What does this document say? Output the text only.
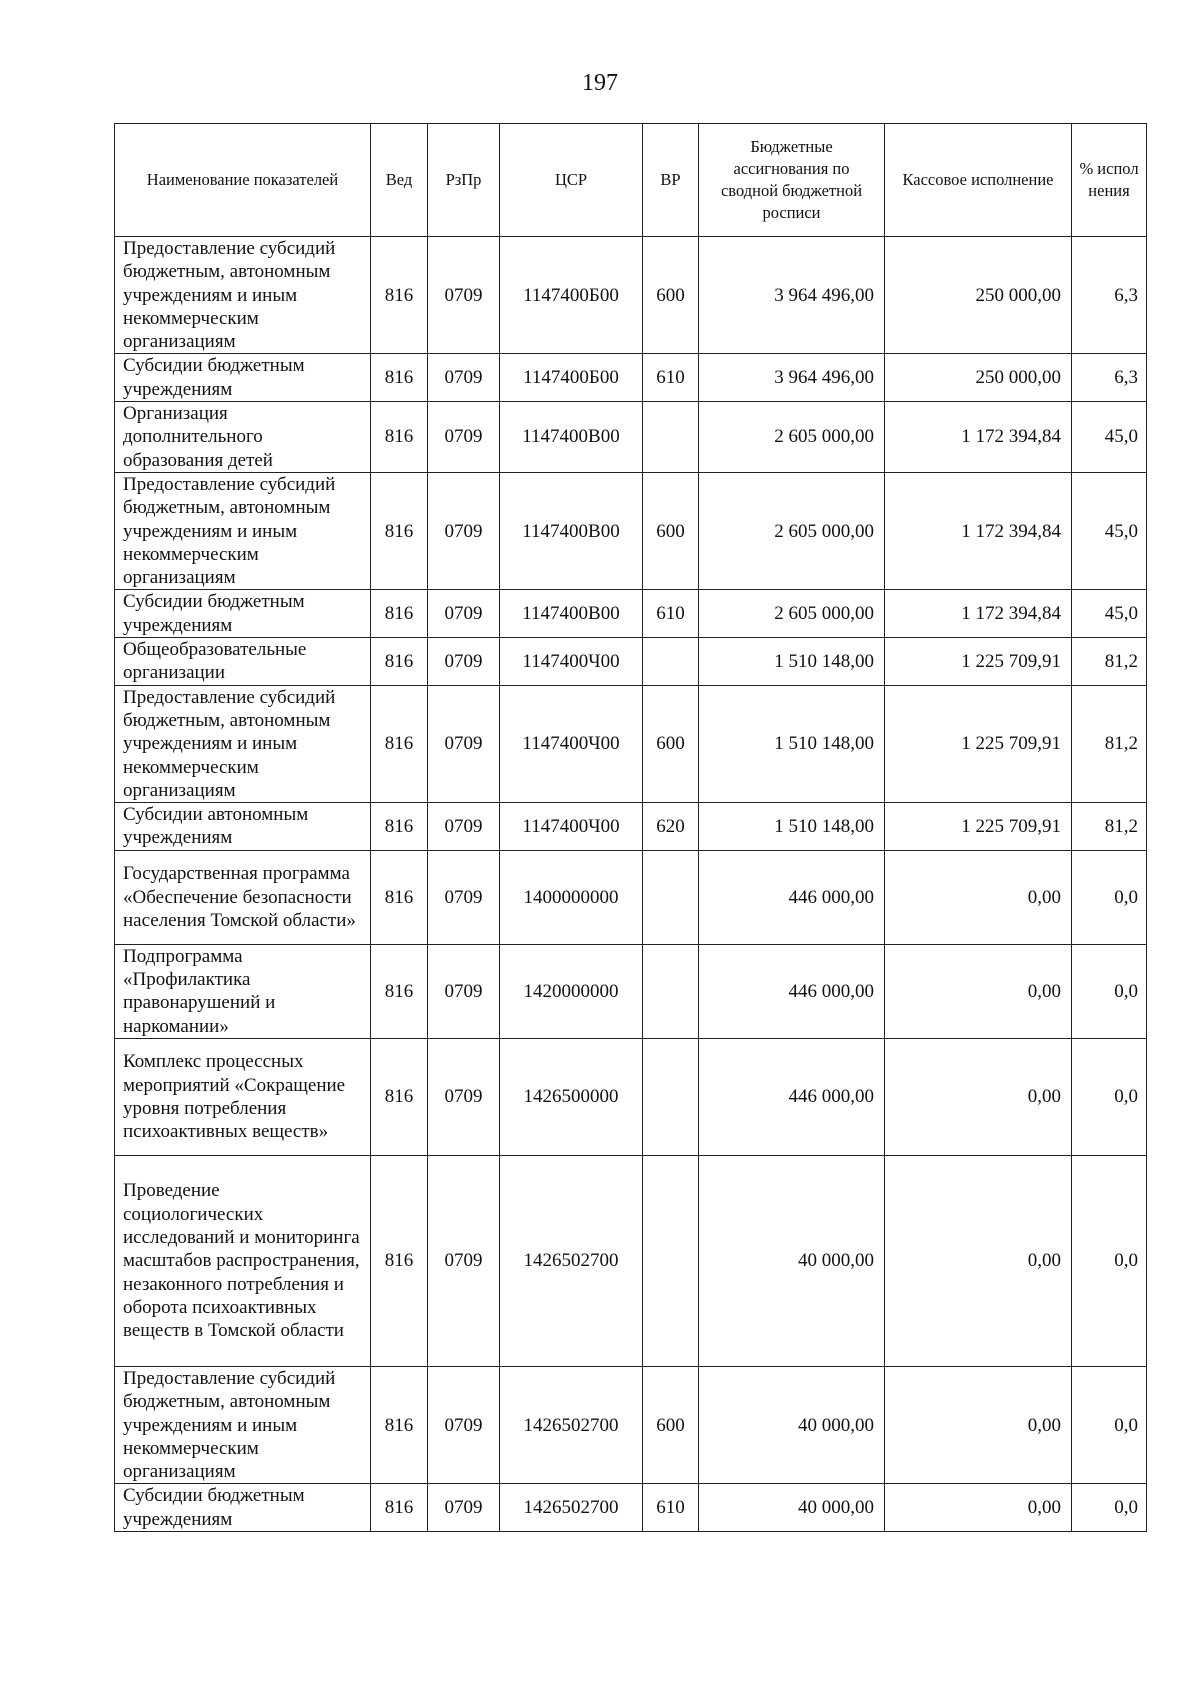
197
Наименование показателей	Вед	РзПр	ЦСР	ВР	Бюджетные ассигнования по сводной бюджетной росписи	Кассовое исполнение	% испол нения
Предоставление субсидий бюджетным, автономным учреждениям и иным некоммерческим организациям	816	0709	1147400Б00	600	3 964 496,00	250 000,00	6,3
Субсидии бюджетным учреждениям	816	0709	1147400Б00	610	3 964 496,00	250 000,00	6,3
Организация дополнительного образования детей	816	0709	1147400В00		2 605 000,00	1 172 394,84	45,0
Предоставление субсидий бюджетным, автономным учреждениям и иным некоммерческим организациям	816	0709	1147400В00	600	2 605 000,00	1 172 394,84	45,0
Субсидии бюджетным учреждениям	816	0709	1147400В00	610	2 605 000,00	1 172 394,84	45,0
Общеобразовательные организации	816	0709	1147400Ч00		1 510 148,00	1 225 709,91	81,2
Предоставление субсидий бюджетным, автономным учреждениям и иным некоммерческим организациям	816	0709	1147400Ч00	600	1 510 148,00	1 225 709,91	81,2
Субсидии автономным учреждениям	816	0709	1147400Ч00	620	1 510 148,00	1 225 709,91	81,2
Государственная программа «Обеспечение безопасности населения Томской области»	816	0709	1400000000		446 000,00	0,00	0,0
Подпрограмма «Профилактика правонарушений и наркомании»	816	0709	1420000000		446 000,00	0,00	0,0
Комплекс процессных мероприятий «Сокращение уровня потребления психоактивных веществ»	816	0709	1426500000		446 000,00	0,00	0,0
Проведение социологических исследований и мониторинга масштабов распространения, незаконного потребления и оборота психоактивных веществ в Томской области	816	0709	1426502700		40 000,00	0,00	0,0
Предоставление субсидий бюджетным, автономным учреждениям и иным некоммерческим организациям	816	0709	1426502700	600	40 000,00	0,00	0,0
Субсидии бюджетным учреждениям	816	0709	1426502700	610	40 000,00	0,00	0,0
